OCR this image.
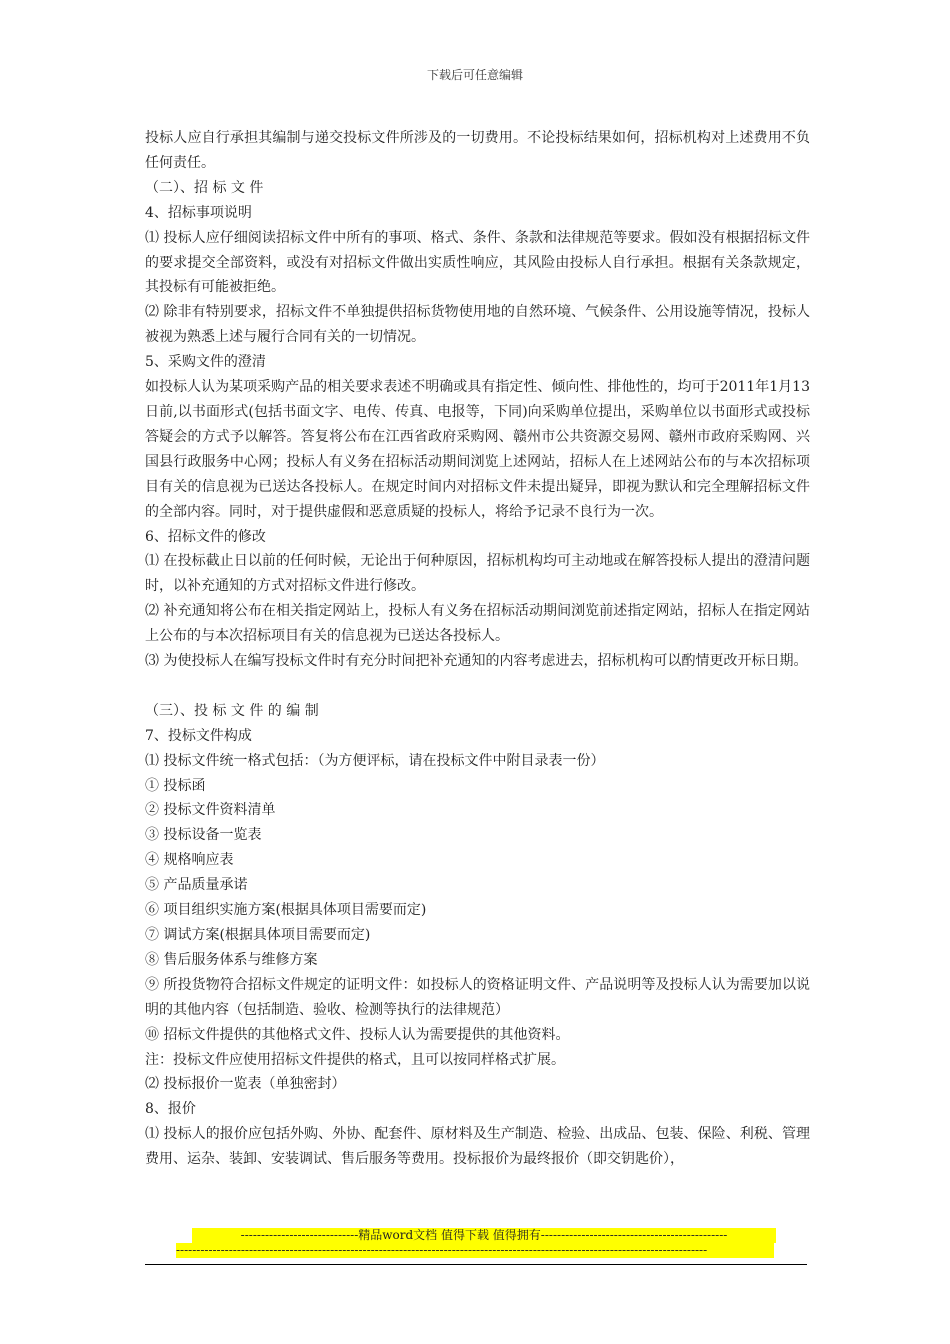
下载后可任意编辑

投标人应自行承担其编制与递交投标文件所涉及的一切费用。不论投标结果如何，招标机构对上述费用不负任何责任。

（二）、招 标 文 件

4、招标事项说明

⑴ 投标人应仔细阅读招标文件中所有的事项、格式、条件、条款和法律规范等要求。假如没有根据招标文件的要求提交全部资料，或没有对招标文件做出实质性响应，其风险由投标人自行承担。根据有关条款规定，其投标有可能被拒绝。

⑵ 除非有特别要求，招标文件不单独提供招标货物使用地的自然环境、气候条件、公用设施等情况，投标人被视为熟悉上述与履行合同有关的一切情况。

5、采购文件的澄清

如投标人认为某项采购产品的相关要求表述不明确或具有指定性、倾向性、排他性的，均可于2011年1月13日前,以书面形式(包括书面文字、电传、传真、电报等，下同)向采购单位提出，采购单位以书面形式或投标答疑会的方式予以解答。答复将公布在江西省政府采购网、赣州市公共资源交易网、赣州市政府采购网、兴国县行政服务中心网；投标人有义务在招标活动期间浏览上述网站，招标人在上述网站公布的与本次招标项目有关的信息视为已送达各投标人。在规定时间内对招标文件未提出疑异，即视为默认和完全理解招标文件的全部内容。同时，对于提供虚假和恶意质疑的投标人，将给予记录不良行为一次。

6、招标文件的修改

⑴ 在投标截止日以前的任何时候，无论出于何种原因，招标机构均可主动地或在解答投标人提出的澄清问题时，以补充通知的方式对招标文件进行修改。

⑵ 补充通知将公布在相关指定网站上，投标人有义务在招标活动期间浏览前述指定网站，招标人在指定网站上公布的与本次招标项目有关的信息视为已送达各投标人。

⑶ 为使投标人在编写投标文件时有充分时间把补充通知的内容考虑进去，招标机构可以酌情更改开标日期。

（三）、投 标 文 件 的 编 制

7、投标文件构成

⑴ 投标文件统一格式包括：（为方便评标，请在投标文件中附目录表一份）

① 投标函

② 投标文件资料清单

③ 投标设备一览表

④ 规格响应表

⑤ 产品质量承诺

⑥ 项目组织实施方案(根据具体项目需要而定)

⑦ 调试方案(根据具体项目需要而定)

⑧ 售后服务体系与维修方案

⑨ 所投货物符合招标文件规定的证明文件：如投标人的资格证明文件、产品说明等及投标人认为需要加以说明的其他内容（包括制造、验收、检测等执行的法律规范）

⑩ 招标文件提供的其他格式文件、投标人认为需要提供的其他资料。

注：投标文件应使用招标文件提供的格式，且可以按同样格式扩展。

⑵ 投标报价一览表（单独密封）

8、报价

⑴ 投标人的报价应包括外购、外协、配套件、原材料及生产制造、检验、出成品、包装、保险、利税、管理费用、运杂、装卸、安装调试、售后服务等费用。投标报价为最终报价（即交钥匙价），

-----------------------------精品word文档 值得下载 值得拥有----------------------------------------------
-----------------------------------------------------------------------------------------------------------------------------------
